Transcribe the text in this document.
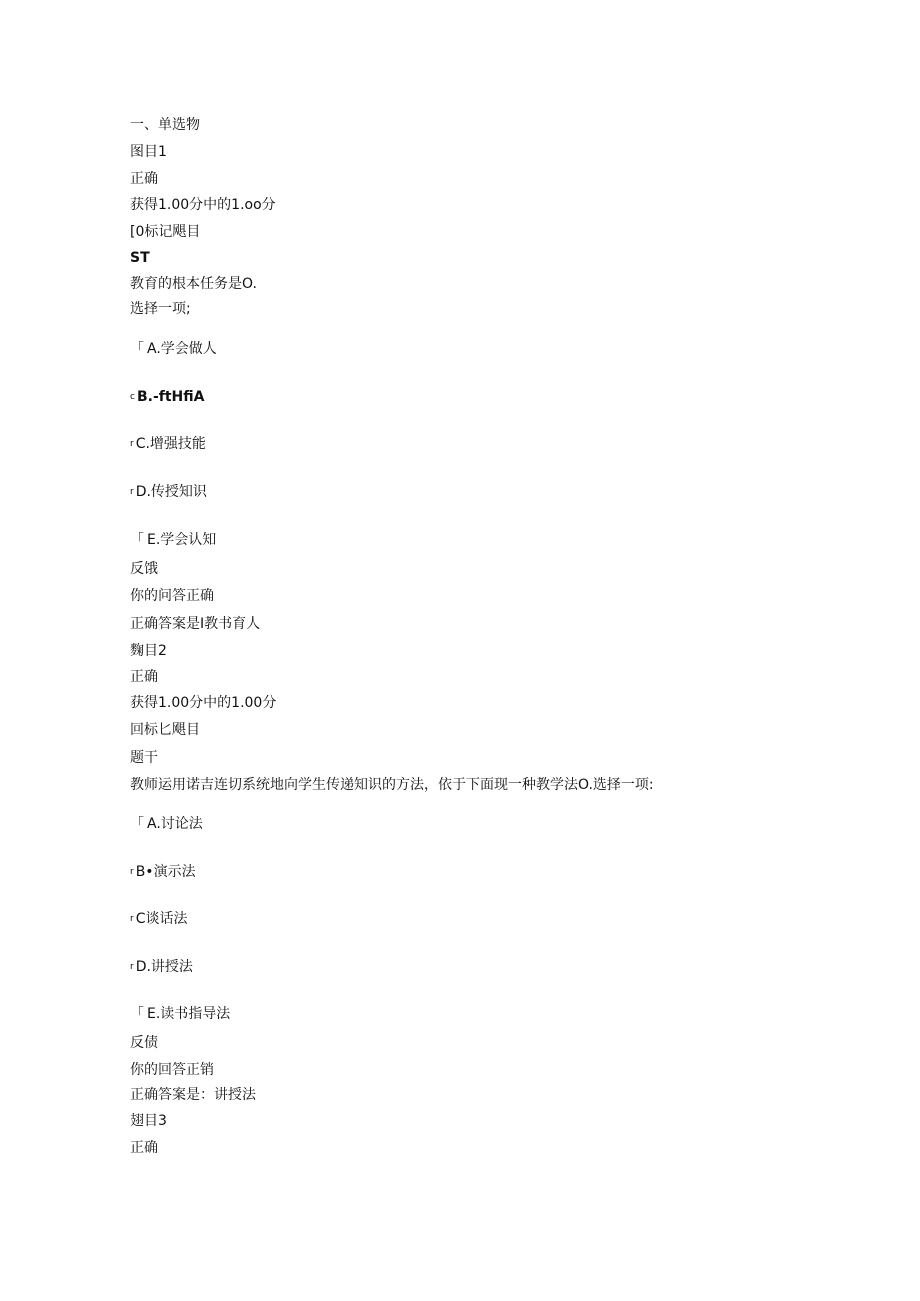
一、单选物
图目1
正确
获得1.00分中的1.oo分
[0标记飓目
ST
教育的根本任务是O.
选择一项;
「 A.学会做人
c B.-ftHfiA
r C.增强技能
r D.传授知识
「 E.学会认知
反饿
你的问答正确
正确答案是I教书育人
麴目2
正确
获得1.00分中的1.00分
回标匕飓目
题干
教师运用诺吉连切系统地向学生传递知识的方法，依于下面现一种教学法O.选择一项:
「 A.讨论法
r B•演示法
r C谈话法
r D.讲授法
「 E.读书指导法
反债
你的回答正销
正确答案是：讲授法
翅目3
正确
